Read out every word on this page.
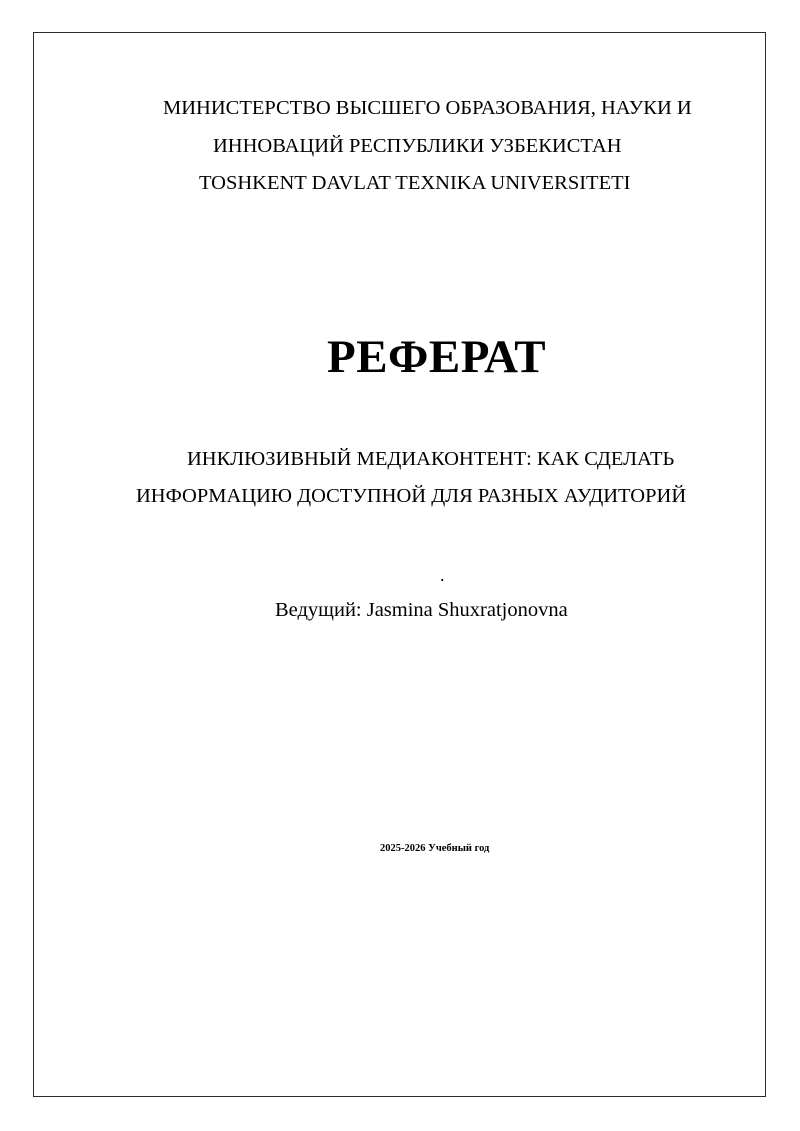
МИНИСТЕРСТВО ВЫСШЕГО ОБРАЗОВАНИЯ, НАУКИ И
ИННОВАЦИЙ РЕСПУБЛИКИ УЗБЕКИСТАН
TOSHKENT DAVLAT TEXNIKA UNIVERSITETI
РЕФЕРАТ
ИНКЛЮЗИВНЫЙ МЕДИАКОНТЕНТ: КАК СДЕЛАТЬ
ИНФОРМАЦИЮ ДОСТУПНОЙ ДЛЯ РАЗНЫХ АУДИТОРИЙ
.
Ведущий: Jasmina Shuxratjonovna
2025-2026 Учебный год
